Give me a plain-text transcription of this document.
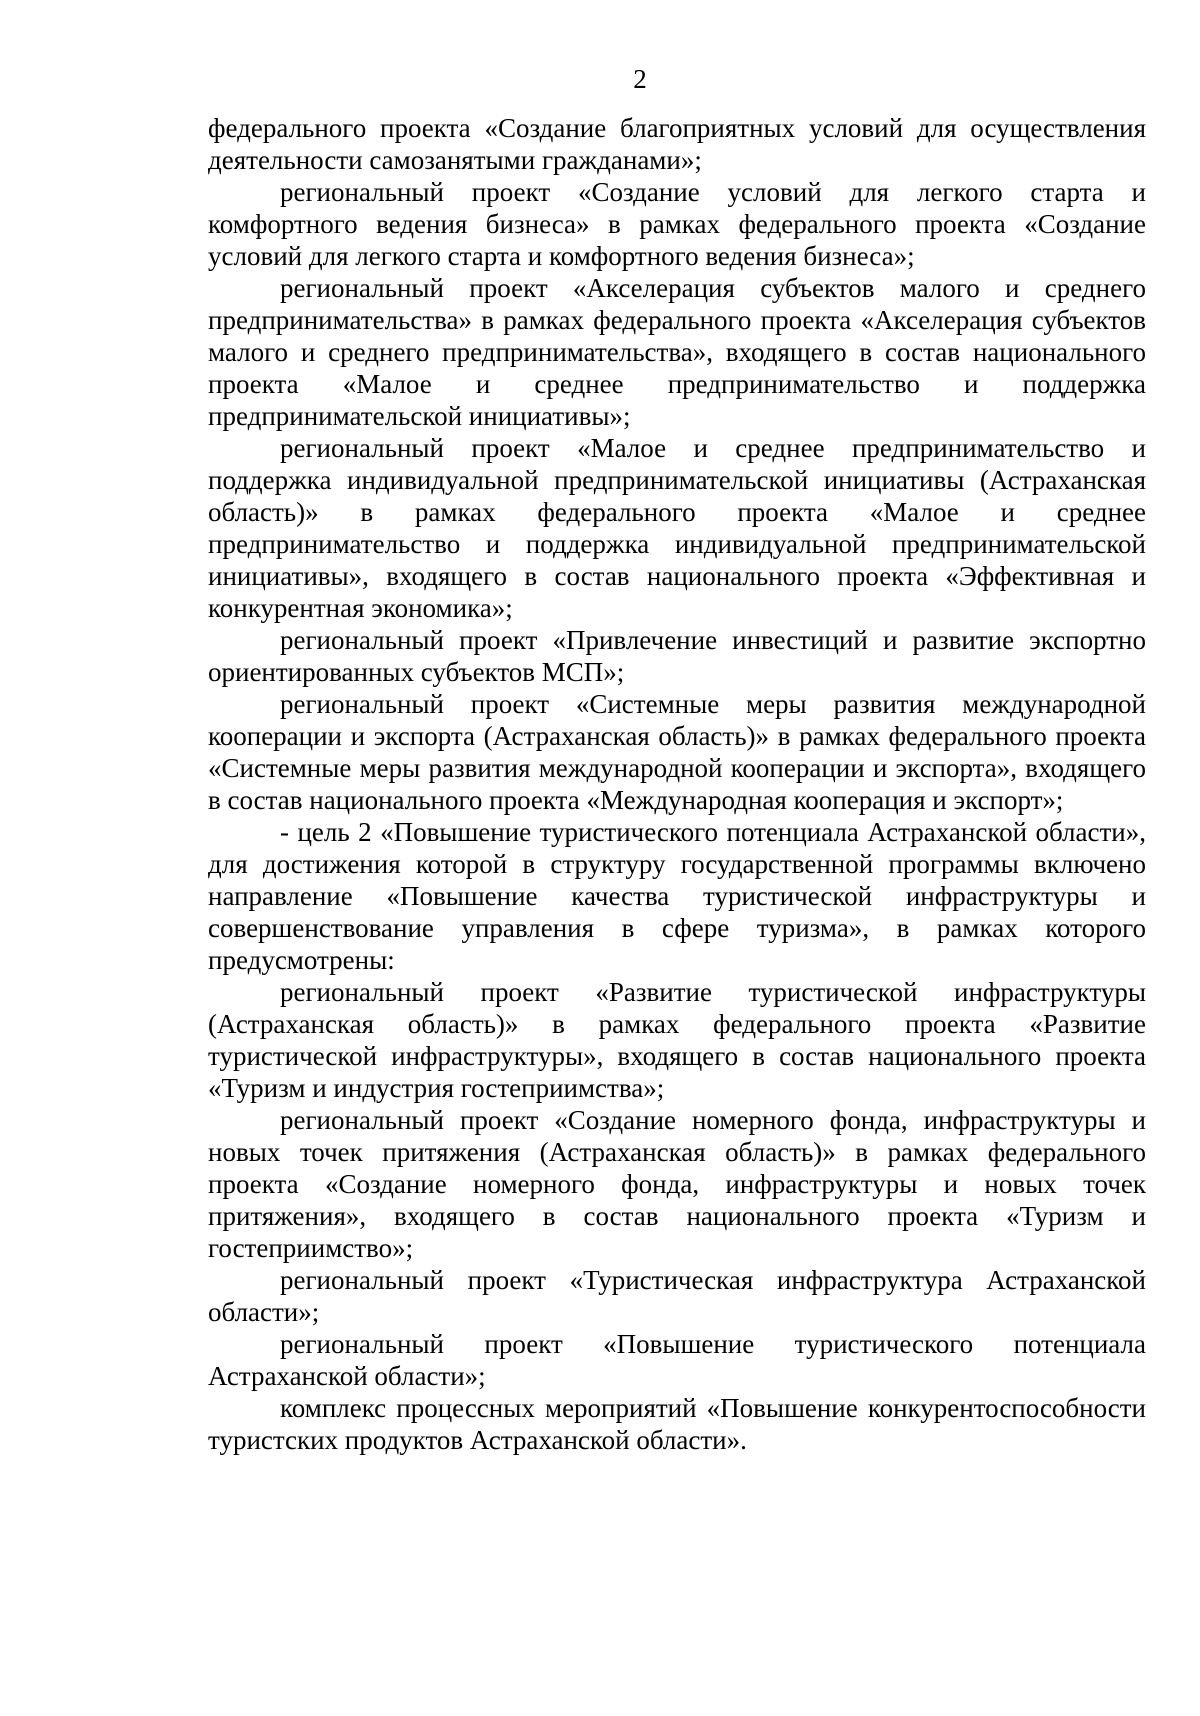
2

федерального проекта «Создание благоприятных условий для осуществления деятельности самозанятыми гражданами»;

региональный проект «Создание условий для легкого старта и комфортного ведения бизнеса» в рамках федерального проекта «Создание условий для легкого старта и комфортного ведения бизнеса»;

региональный проект «Акселерация субъектов малого и среднего предпринимательства» в рамках федерального проекта «Акселерация субъектов малого и среднего предпринимательства», входящего в состав национального проекта «Малое и среднее предпринимательство и поддержка предпринимательской инициативы»;

региональный проект «Малое и среднее предпринимательство и поддержка индивидуальной предпринимательской инициативы (Астраханская область)» в рамках федерального проекта «Малое и среднее предпринимательство и поддержка индивидуальной предпринимательской инициативы», входящего в состав национального проекта «Эффективная и конкурентная экономика»;

региональный проект «Привлечение инвестиций и развитие экспортно ориентированных субъектов МСП»;

региональный проект «Системные меры развития международной кооперации и экспорта (Астраханская область)» в рамках федерального проекта «Системные меры развития международной кооперации и экспорта», входящего в состав национального проекта «Международная кооперация и экспорт»;

- цель 2 «Повышение туристического потенциала Астраханской области», для достижения которой в структуру государственной программы включено направление «Повышение качества туристической инфраструктуры и совершенствование управления в сфере туризма», в рамках которого предусмотрены:

региональный проект «Развитие туристической инфраструктуры (Астраханская область)» в рамках федерального проекта «Развитие туристической инфраструктуры», входящего в состав национального проекта «Туризм и индустрия гостеприимства»;

региональный проект «Создание номерного фонда, инфраструктуры и новых точек притяжения (Астраханская область)» в рамках федерального проекта «Создание номерного фонда, инфраструктуры и новых точек притяжения», входящего в состав национального проекта «Туризм и гостеприимство»;

региональный проект «Туристическая инфраструктура Астраханской области»;

региональный проект «Повышение туристического потенциала Астраханской области»;

комплекс процессных мероприятий «Повышение конкурентоспособности туристских продуктов Астраханской области».
